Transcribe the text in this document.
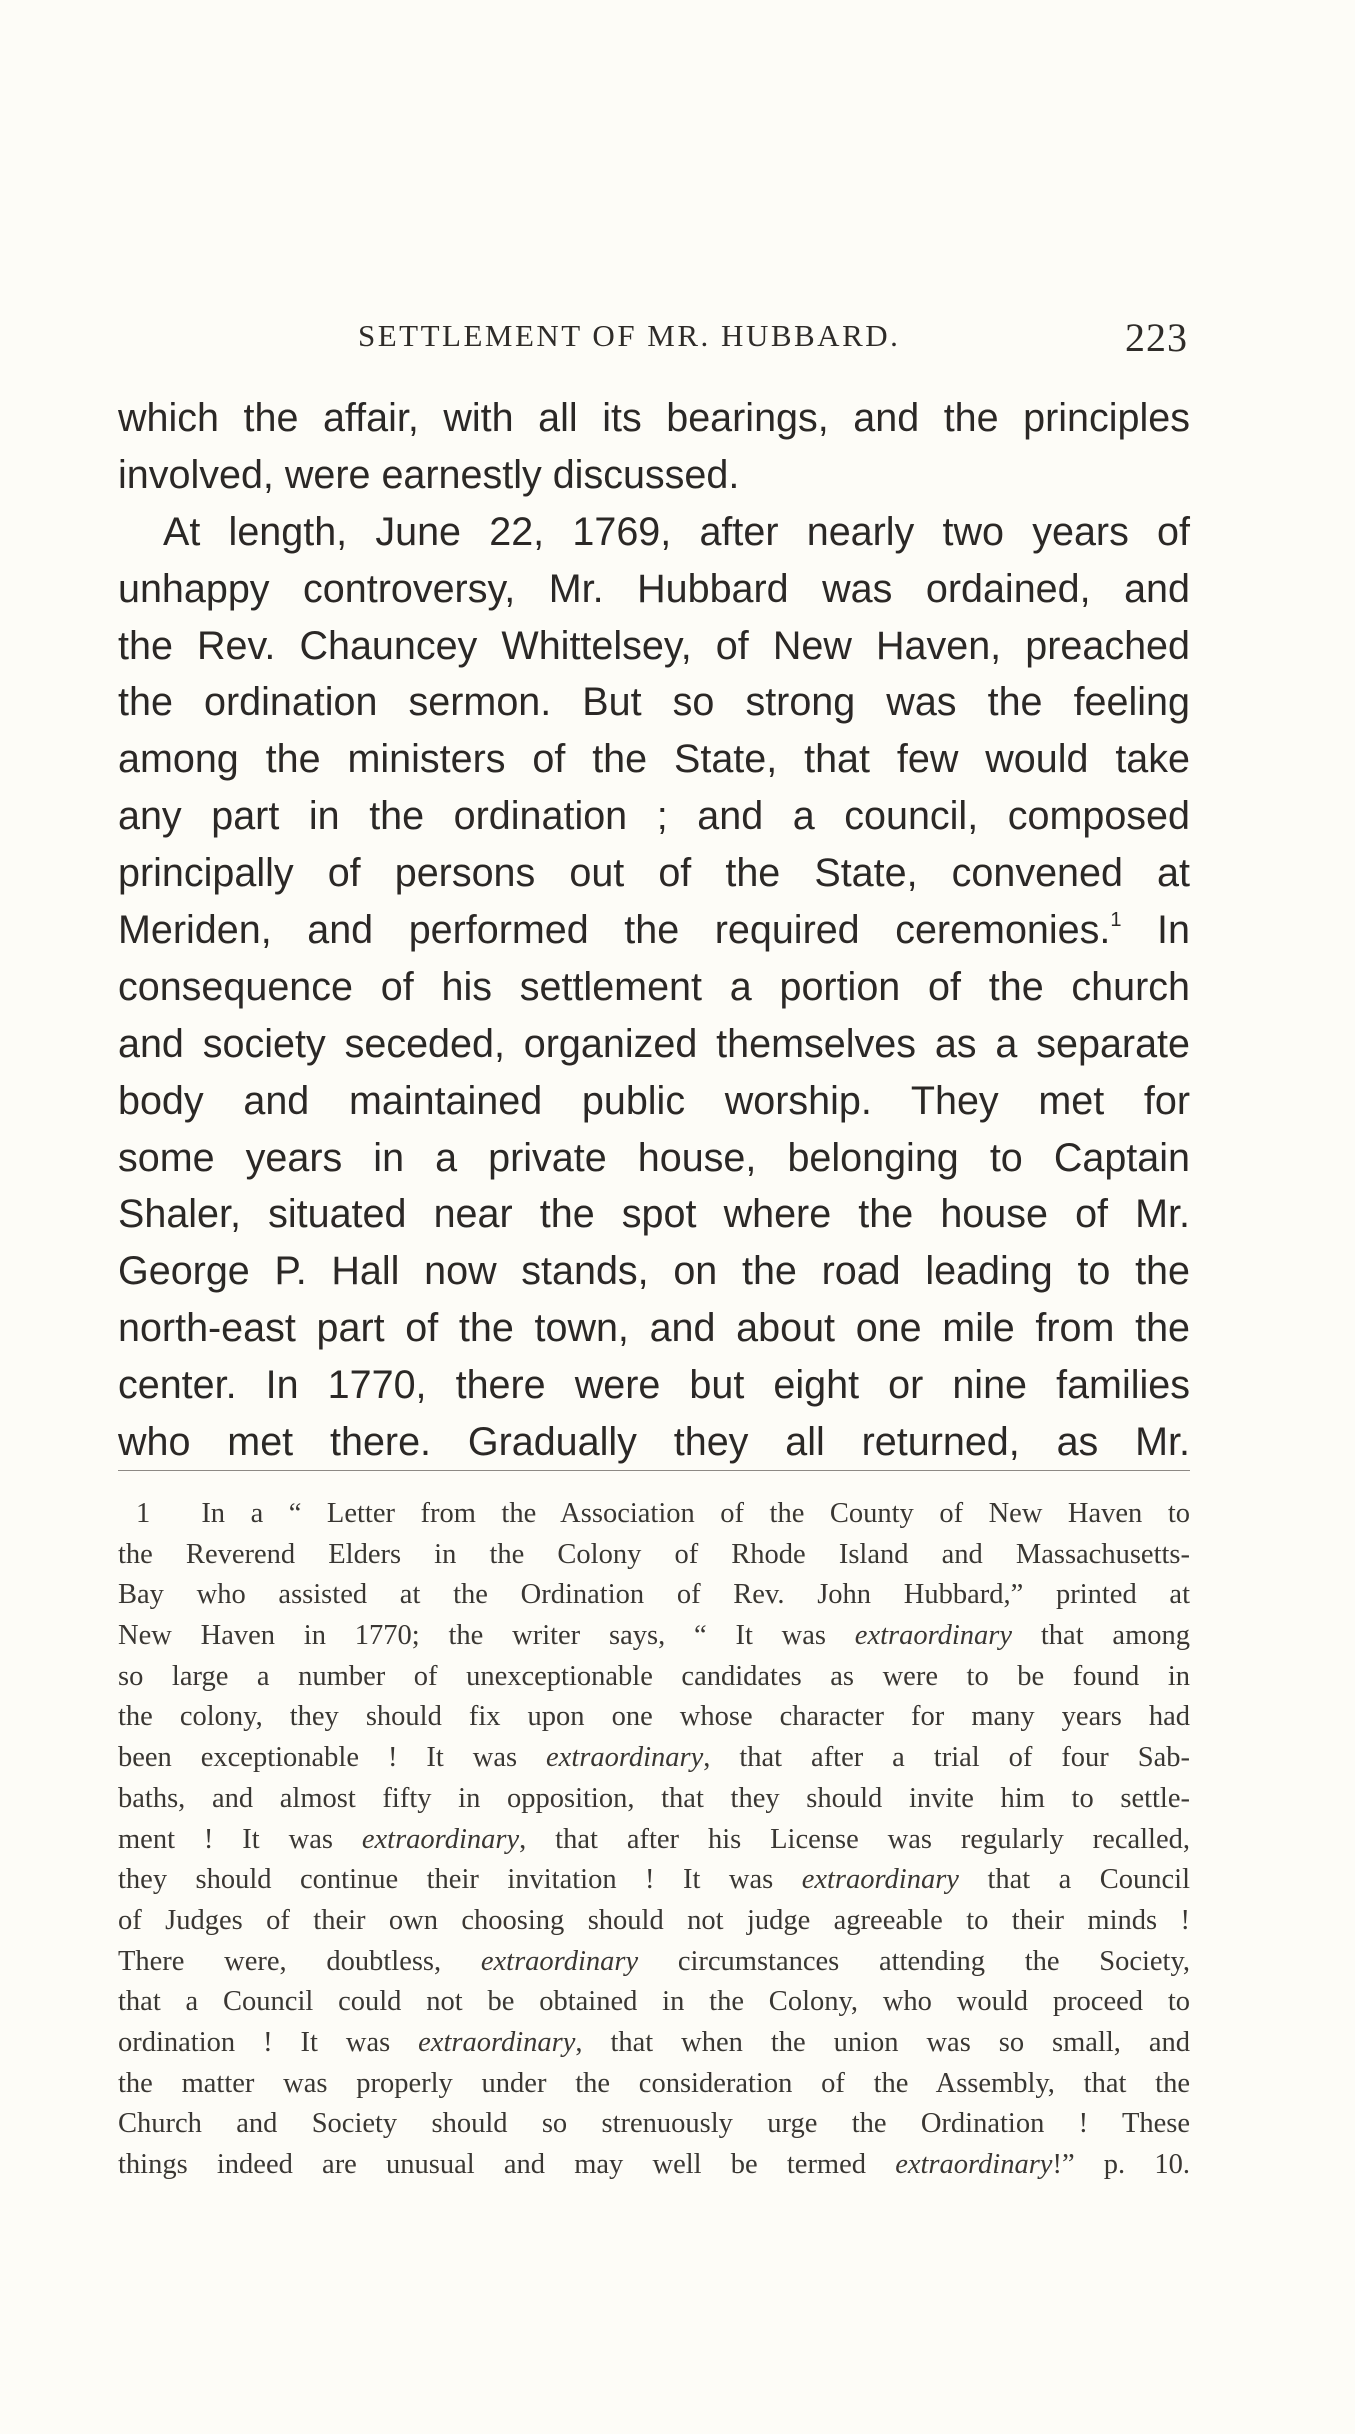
SETTLEMENT OF MR. HUBBARD.	223
which the affair, with all its bearings, and the principles
involved, were earnestly discussed.
At length, June 22, 1769, after nearly two years of
unhappy controversy, Mr. Hubbard was ordained, and
the Rev. Chauncey Whittelsey, of New Haven, preached
the ordination sermon. But so strong was the feeling
among the ministers of the State, that few would take
any part in the ordination ; and a council, composed
principally of persons out of the State, convened at
Meriden, and performed the required ceremonies.$^1$ In
consequence of his settlement a portion of the church
and society seceded, organized themselves as a separate
body and maintained public worship. They met for
some years in a private house, belonging to Captain
Shaler, situated near the spot where the house of Mr.
George P. Hall now stands, on the road leading to the
north-east part of the town, and about one mile from the
center. In 1770, there were but eight or nine families
who met there. Gradually they all returned, as Mr.
1 In a “ Letter from the Association of the County of New Haven to
the Reverend Elders in the Colony of Rhode Island and Massachusetts-
Bay who assisted at the Ordination of Rev. John Hubbard,” printed at
New Haven in 1770; the writer says, “ It was extraordinary that among
so large a number of unexceptionable candidates as were to be found in
the colony, they should fix upon one whose character for many years had
been exceptionable ! It was extraordinary, that after a trial of four Sab-
baths, and almost fifty in opposition, that they should invite him to settle-
ment ! It was extraordinary, that after his License was regularly recalled,
they should continue their invitation ! It was extraordinary that a Council
of Judges of their own choosing should not judge agreeable to their minds !
There were, doubtless, extraordinary circumstances attending the Society,
that a Council could not be obtained in the Colony, who would proceed to
ordination ! It was extraordinary, that when the union was so small, and
the matter was properly under the consideration of the Assembly, that the
Church and Society should so strenuously urge the Ordination ! These
things indeed are unusual and may well be termed extraordinary!” p. 10.
